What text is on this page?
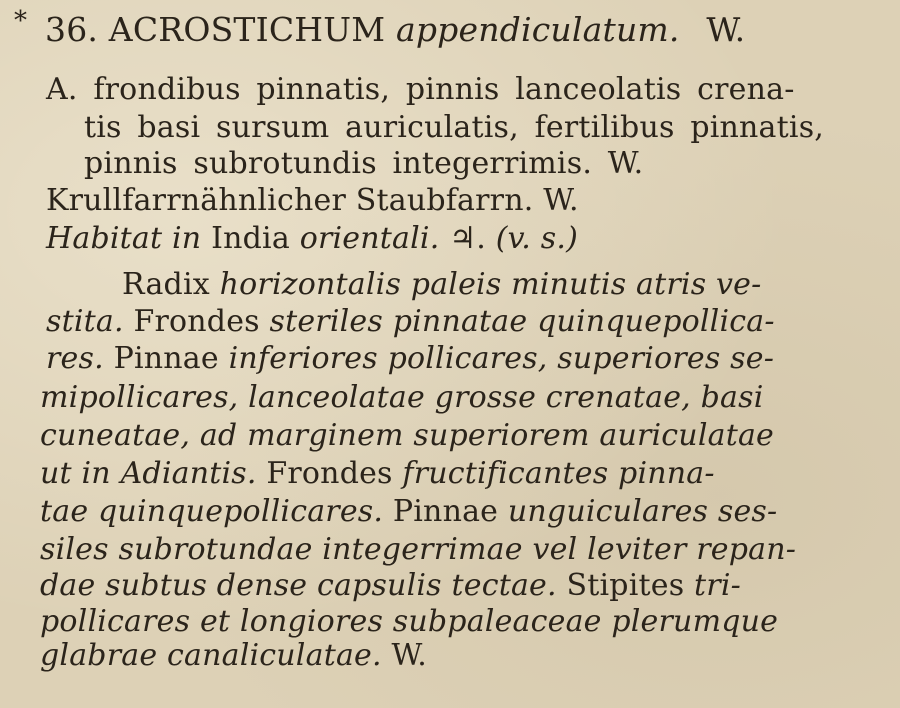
* 36. ACROSTICHUM appendiculatum. W.
A. frondibus pinnatis, pinnis lanceolatis crena-
tis basi sursum auriculatis, fertilibus pinnatis,
pinnis subrotundis integerrimis. W.
Krullfarrnähnlicher Staubfarrn. W.
Habitat in India orientali. ♃. (v. s.)
Radix horizontalis paleis minutis atris ve-
stita. Frondes steriles pinnatae quinquepollica-
res. Pinnae inferiores pollicares, superiores se-
mipollicares, lanceolatae grosse crenatae, basi
cuneatae, ad marginem superiorem auriculatae
ut in Adiantis. Frondes fructificantes pinna-
tae quinquepollicares. Pinnae unguiculares ses-
siles subrotundae integerrimae vel leviter repan-
dae subtus dense capsulis tectae. Stipites tri-
pollicares et longiores subpaleaceae plerumque
glabrae canaliculatae. W.
